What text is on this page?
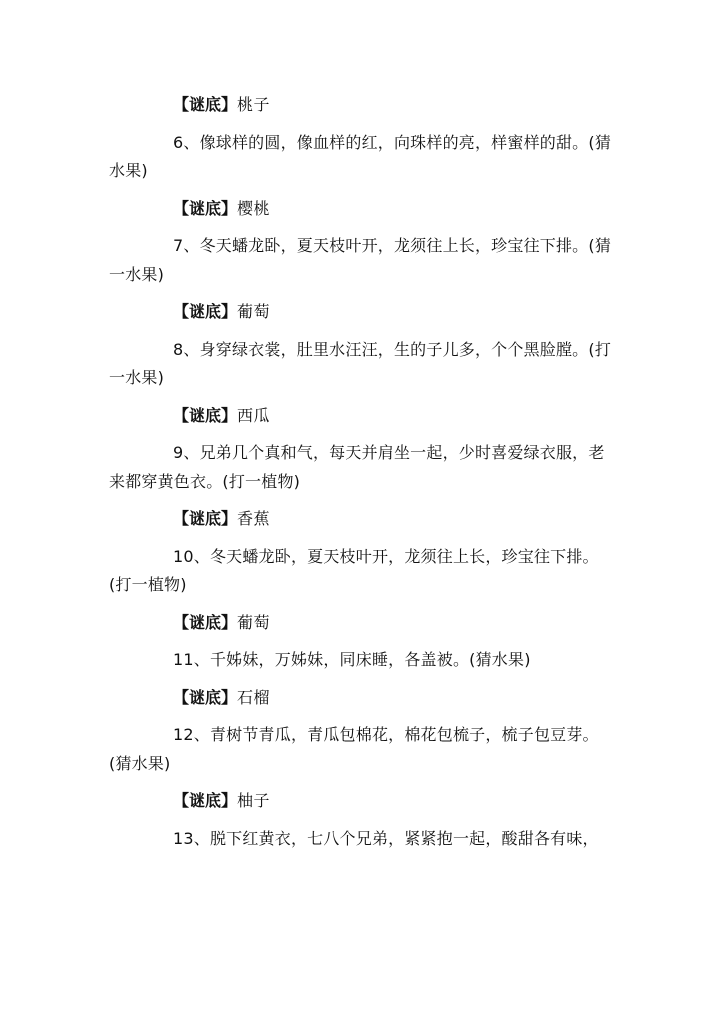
【谜底】桃子

6、像球样的圆，像血样的红，向珠样的亮，样蜜样的甜。(猜水果)

【谜底】樱桃

7、冬天蟠龙卧，夏天枝叶开，龙须往上长，珍宝往下排。(猜一水果)

【谜底】葡萄

8、身穿绿衣裳，肚里水汪汪，生的子儿多，个个黑脸膛。(打一水果)

【谜底】西瓜

9、兄弟几个真和气，每天并肩坐一起，少时喜爱绿衣服，老来都穿黄色衣。(打一植物)

【谜底】香蕉

10、冬天蟠龙卧，夏天枝叶开，龙须往上长，珍宝往下排。(打一植物)

【谜底】葡萄

11、千姊妹，万姊妹，同床睡，各盖被。(猜水果)

【谜底】石榴

12、青树节青瓜，青瓜包棉花，棉花包梳子，梳子包豆芽。(猜水果)

【谜底】柚子

13、脱下红黄衣，七八个兄弟，紧紧抱一起，酸甜各有味，
